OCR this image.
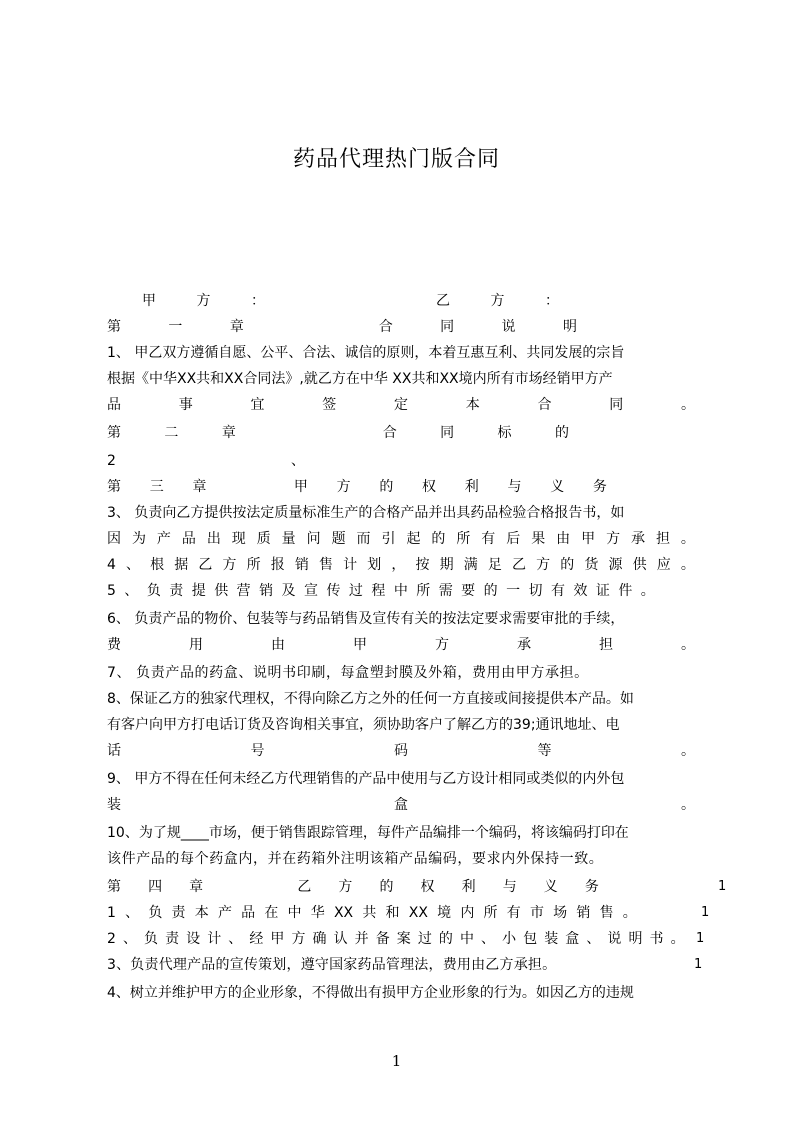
药品代理热门版合同
甲	方	：	乙	方	：
第	一	章	合	同	说	明
1、 甲乙双方遵循自愿、公平、合法、诚信的原则，本着互惠互利、共同发展的宗旨
根据《中华XX共和XX合同法》,就乙方在中华 XX共和XX境内所有市场经销甲方产
品	事	宜	签	定	本	合	同	。
第	二	章	合	同	标	的
2	、
第 三 章	甲 方 的 权 利 与 义 务
3、 负责向乙方提供按法定质量标准生产的合格产品并出具药品检验合格报告书，如
因 为 产 品 出 现 质 量 问 题 而 引 起 的 所 有 后 果 由 甲 方 承 担 。
4 、 根 据 乙 方 所 报 销 售 计 划 ， 按 期 满 足 乙 方 的 货 源 供 应 。
5 、 负 责 提 供 营 销 及 宣 传 过 程 中 所 需 要 的 一 切 有 效 证 件 。
6、 负责产品的物价、包装等与药品销售及宣传有关的按法定要求需要审批的手续，
费	用	由	甲	方	承	担	。
7、 负责产品的药盒、说明书印刷，每盒塑封膜及外箱，费用由甲方承担。
8、保证乙方的独家代理权，不得向除乙方之外的任何一方直接或间接提供本产品。如
有客户向甲方打电话订货及咨询相关事宜，须协助客户了解乙方的39;通讯地址、电
话	号	码	等	。
9、 甲方不得在任何未经乙方代理销售的产品中使用与乙方设计相同或类似的内外包
装	盒	。
10、为了规____市场，便于销售跟踪管理，每件产品编排一个编码，将该编码打印在
该件产品的每个药盒内，并在药箱外注明该箱产品编码，要求内外保持一致。
第 四 章	乙 方 的 权 利 与 义 务	1
1 、 负 责 本 产 品 在 中 华 XX 共 和 XX 境 内 所 有 市 场 销 售 。	1
2 、 负 责 设 计 、 经 甲 方 确 认 并 备 案 过 的 中 、 小 包 装 盒 、 说 明 书 。 1
3、负责代理产品的宣传策划，遵守国家药品管理法，费用由乙方承担。	1
4、树立并维护甲方的企业形象，不得做出有损甲方企业形象的行为。如因乙方的违规
1
